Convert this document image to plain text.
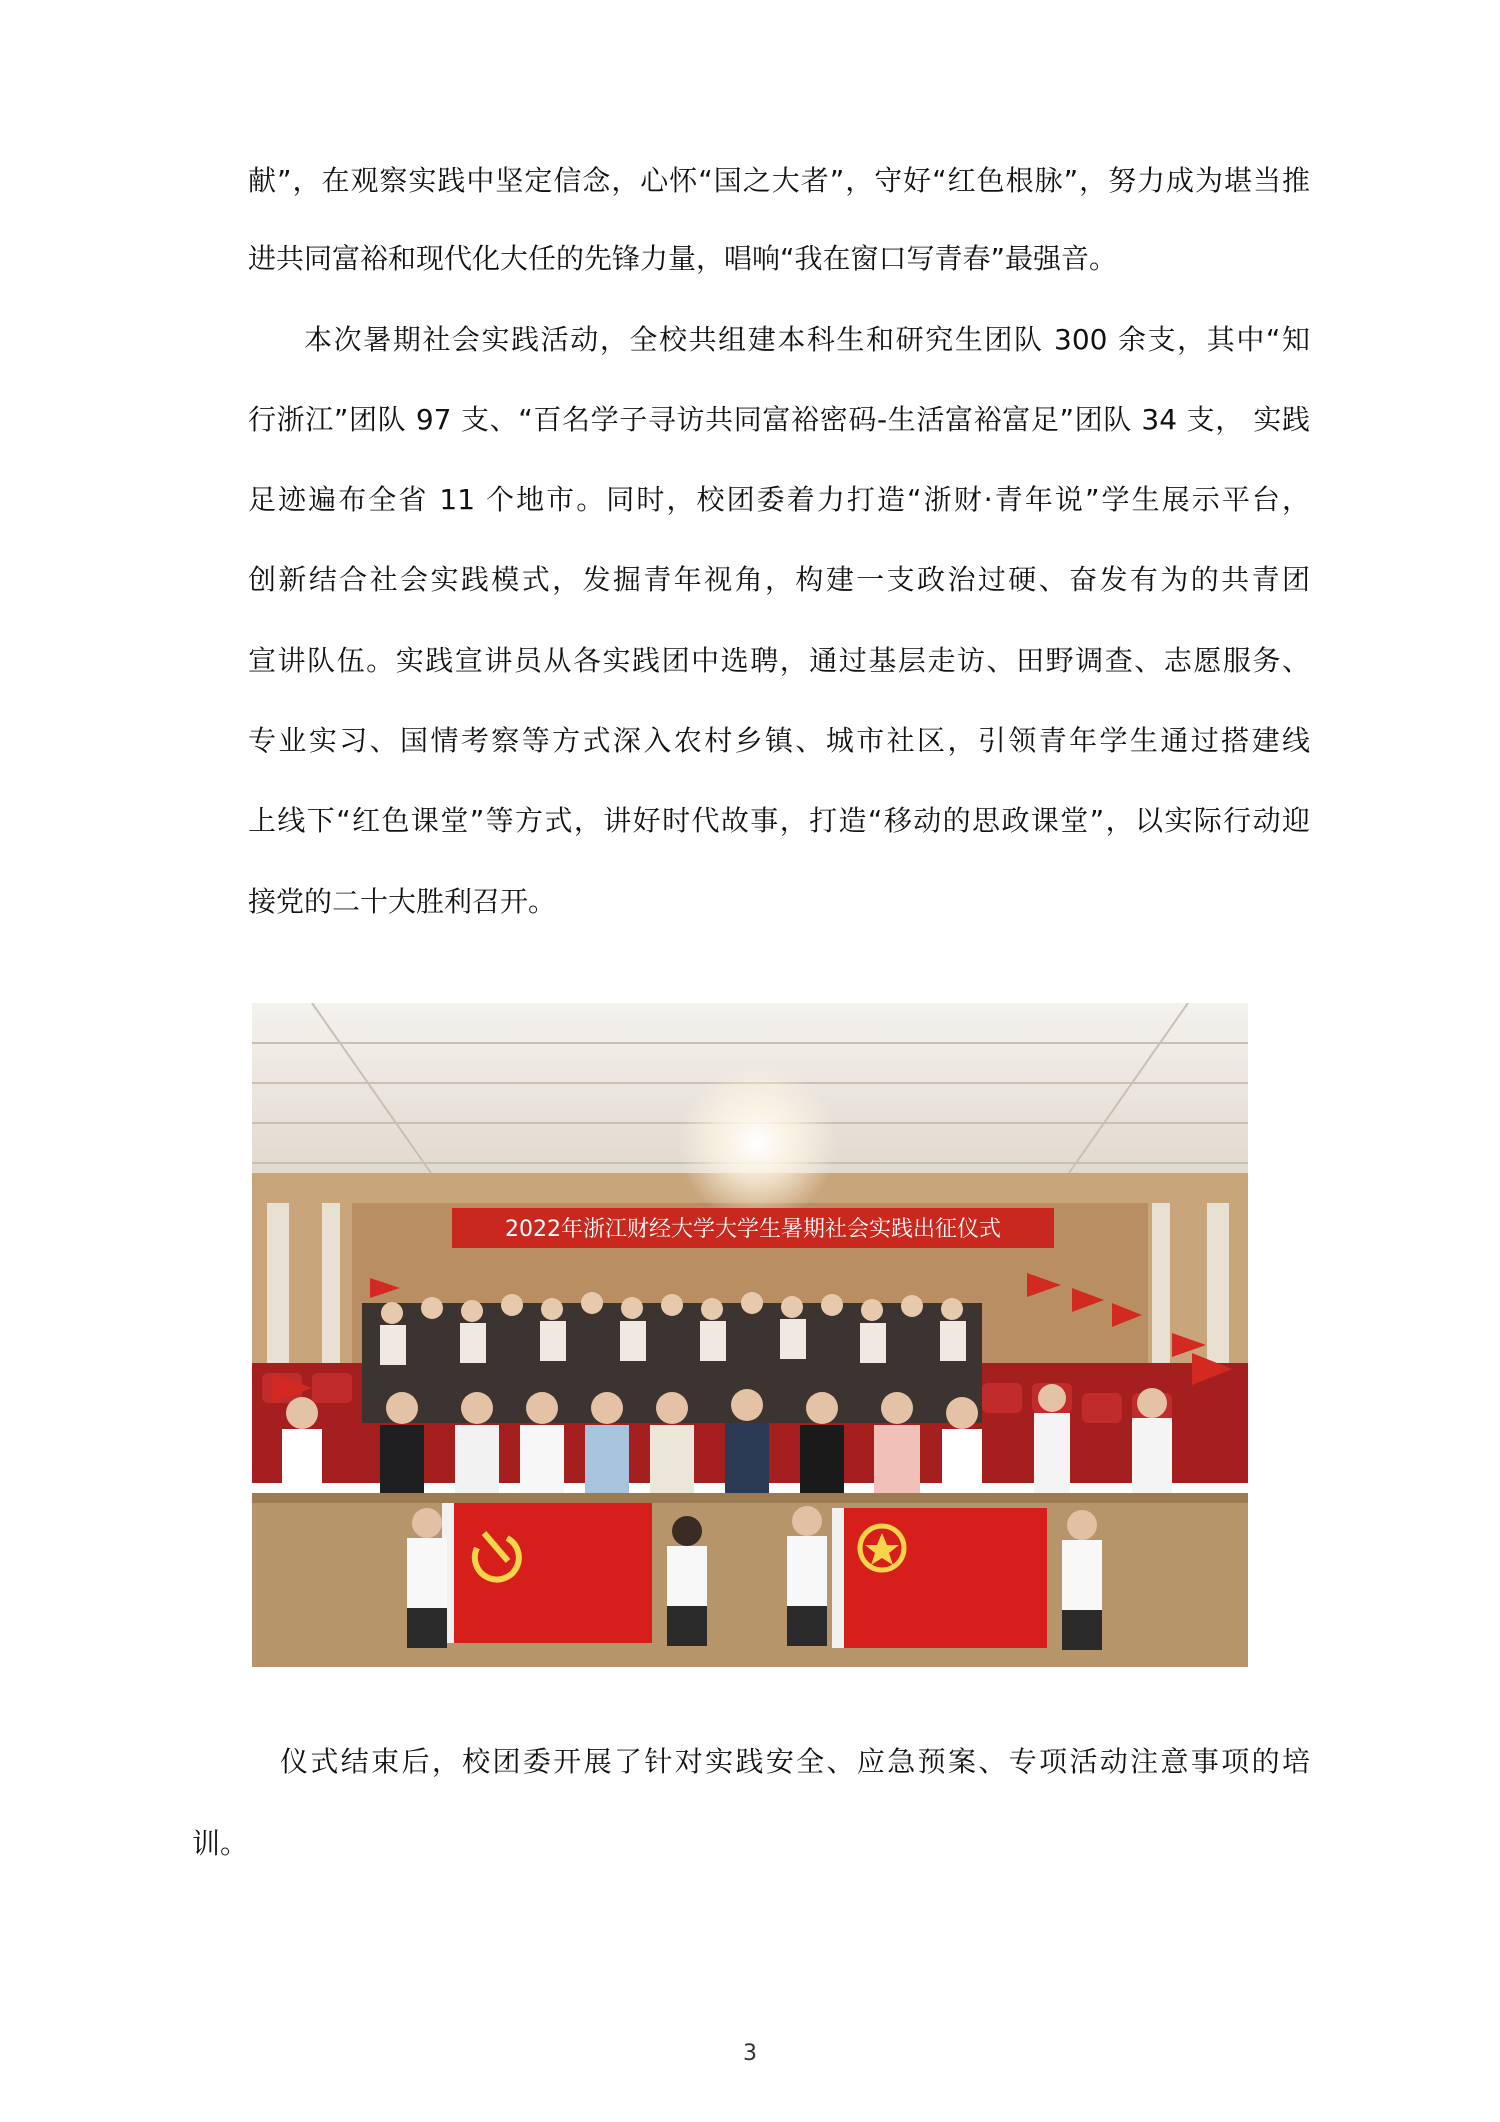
献”，在观察实践中坚定信念，心怀“国之大者”，守好“红色根脉”，努力成为堪当推
进共同富裕和现代化大任的先锋力量，唱响“我在窗口写青春”最强音。
本次暑期社会实践活动，全校共组建本科生和研究生团队 300 余支，其中“知
行浙江”团队 97 支、“百名学子寻访共同富裕密码-生活富裕富足”团队 34 支， 实践
足迹遍布全省 11 个地市。同时，校团委着力打造“浙财·青年说”学生展示平台，
创新结合社会实践模式，发掘青年视角，构建一支政治过硬、奋发有为的共青团
宣讲队伍。实践宣讲员从各实践团中选聘，通过基层走访、田野调查、志愿服务、
专业实习、国情考察等方式深入农村乡镇、城市社区，引领青年学生通过搭建线
上线下“红色课堂”等方式，讲好时代故事，打造“移动的思政课堂”，以实际行动迎
接党的二十大胜利召开。
2022年浙江财经大学大学生暑期社会实践出征仪式
仪式结束后，校团委开展了针对实践安全、应急预案、专项活动注意事项的培
训。
3
